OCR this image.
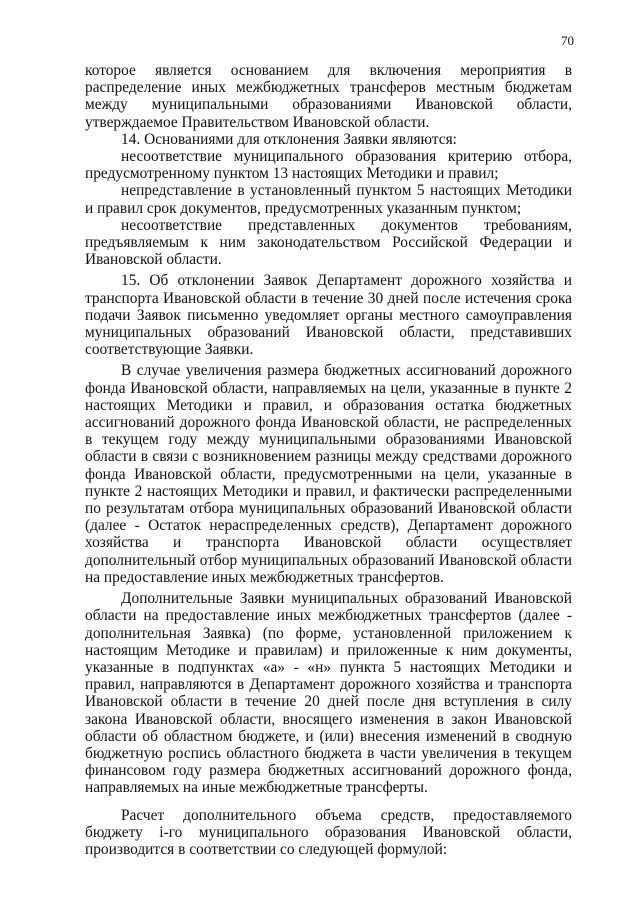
70

которое является основанием для включения мероприятия в распределение иных межбюджетных трансферов местным бюджетам между муниципальными образованиями Ивановской области, утверждаемое Правительством Ивановской области.

14. Основаниями для отклонения Заявки являются:

несоответствие муниципального образования критерию отбора, предусмотренному пунктом 13 настоящих Методики и правил;

непредставление в установленный пунктом 5 настоящих Методики и правил срок документов, предусмотренных указанным пунктом;

несоответствие представленных документов требованиям, предъявляемым к ним законодательством Российской Федерации и Ивановской области.

15. Об отклонении Заявок Департамент дорожного хозяйства и транспорта Ивановской области в течение 30 дней после истечения срока подачи Заявок письменно уведомляет органы местного самоуправления муниципальных образований Ивановской области, представивших соответствующие Заявки.

В случае увеличения размера бюджетных ассигнований дорожного фонда Ивановской области, направляемых на цели, указанные в пункте 2 настоящих Методики и правил, и образования остатка бюджетных ассигнований дорожного фонда Ивановской области, не распределенных в текущем году между муниципальными образованиями Ивановской области в связи с возникновением разницы между средствами дорожного фонда Ивановской области, предусмотренными на цели, указанные в пункте 2 настоящих Методики и правил, и фактически распределенными по результатам отбора муниципальных образований Ивановской области (далее - Остаток нераспределенных средств), Департамент дорожного хозяйства и транспорта Ивановской области осуществляет дополнительный отбор муниципальных образований Ивановской области на предоставление иных межбюджетных трансфертов.

Дополнительные Заявки муниципальных образований Ивановской области на предоставление иных межбюджетных трансфертов (далее - дополнительная Заявка) (по форме, установленной приложением к настоящим Методике и правилам) и приложенные к ним документы, указанные в подпунктах «а» - «н» пункта 5 настоящих Методики и правил, направляются в Департамент дорожного хозяйства и транспорта Ивановской области в течение 20 дней после дня вступления в силу закона Ивановской области, вносящего изменения в закон Ивановской области об областном бюджете, и (или) внесения изменений в сводную бюджетную роспись областного бюджета в части увеличения в текущем финансовом году размера бюджетных ассигнований дорожного фонда, направляемых на иные межбюджетные трансферты.

Расчет дополнительного объема средств, предоставляемого бюджету i-го муниципального образования Ивановской области, производится в соответствии со следующей формулой:
